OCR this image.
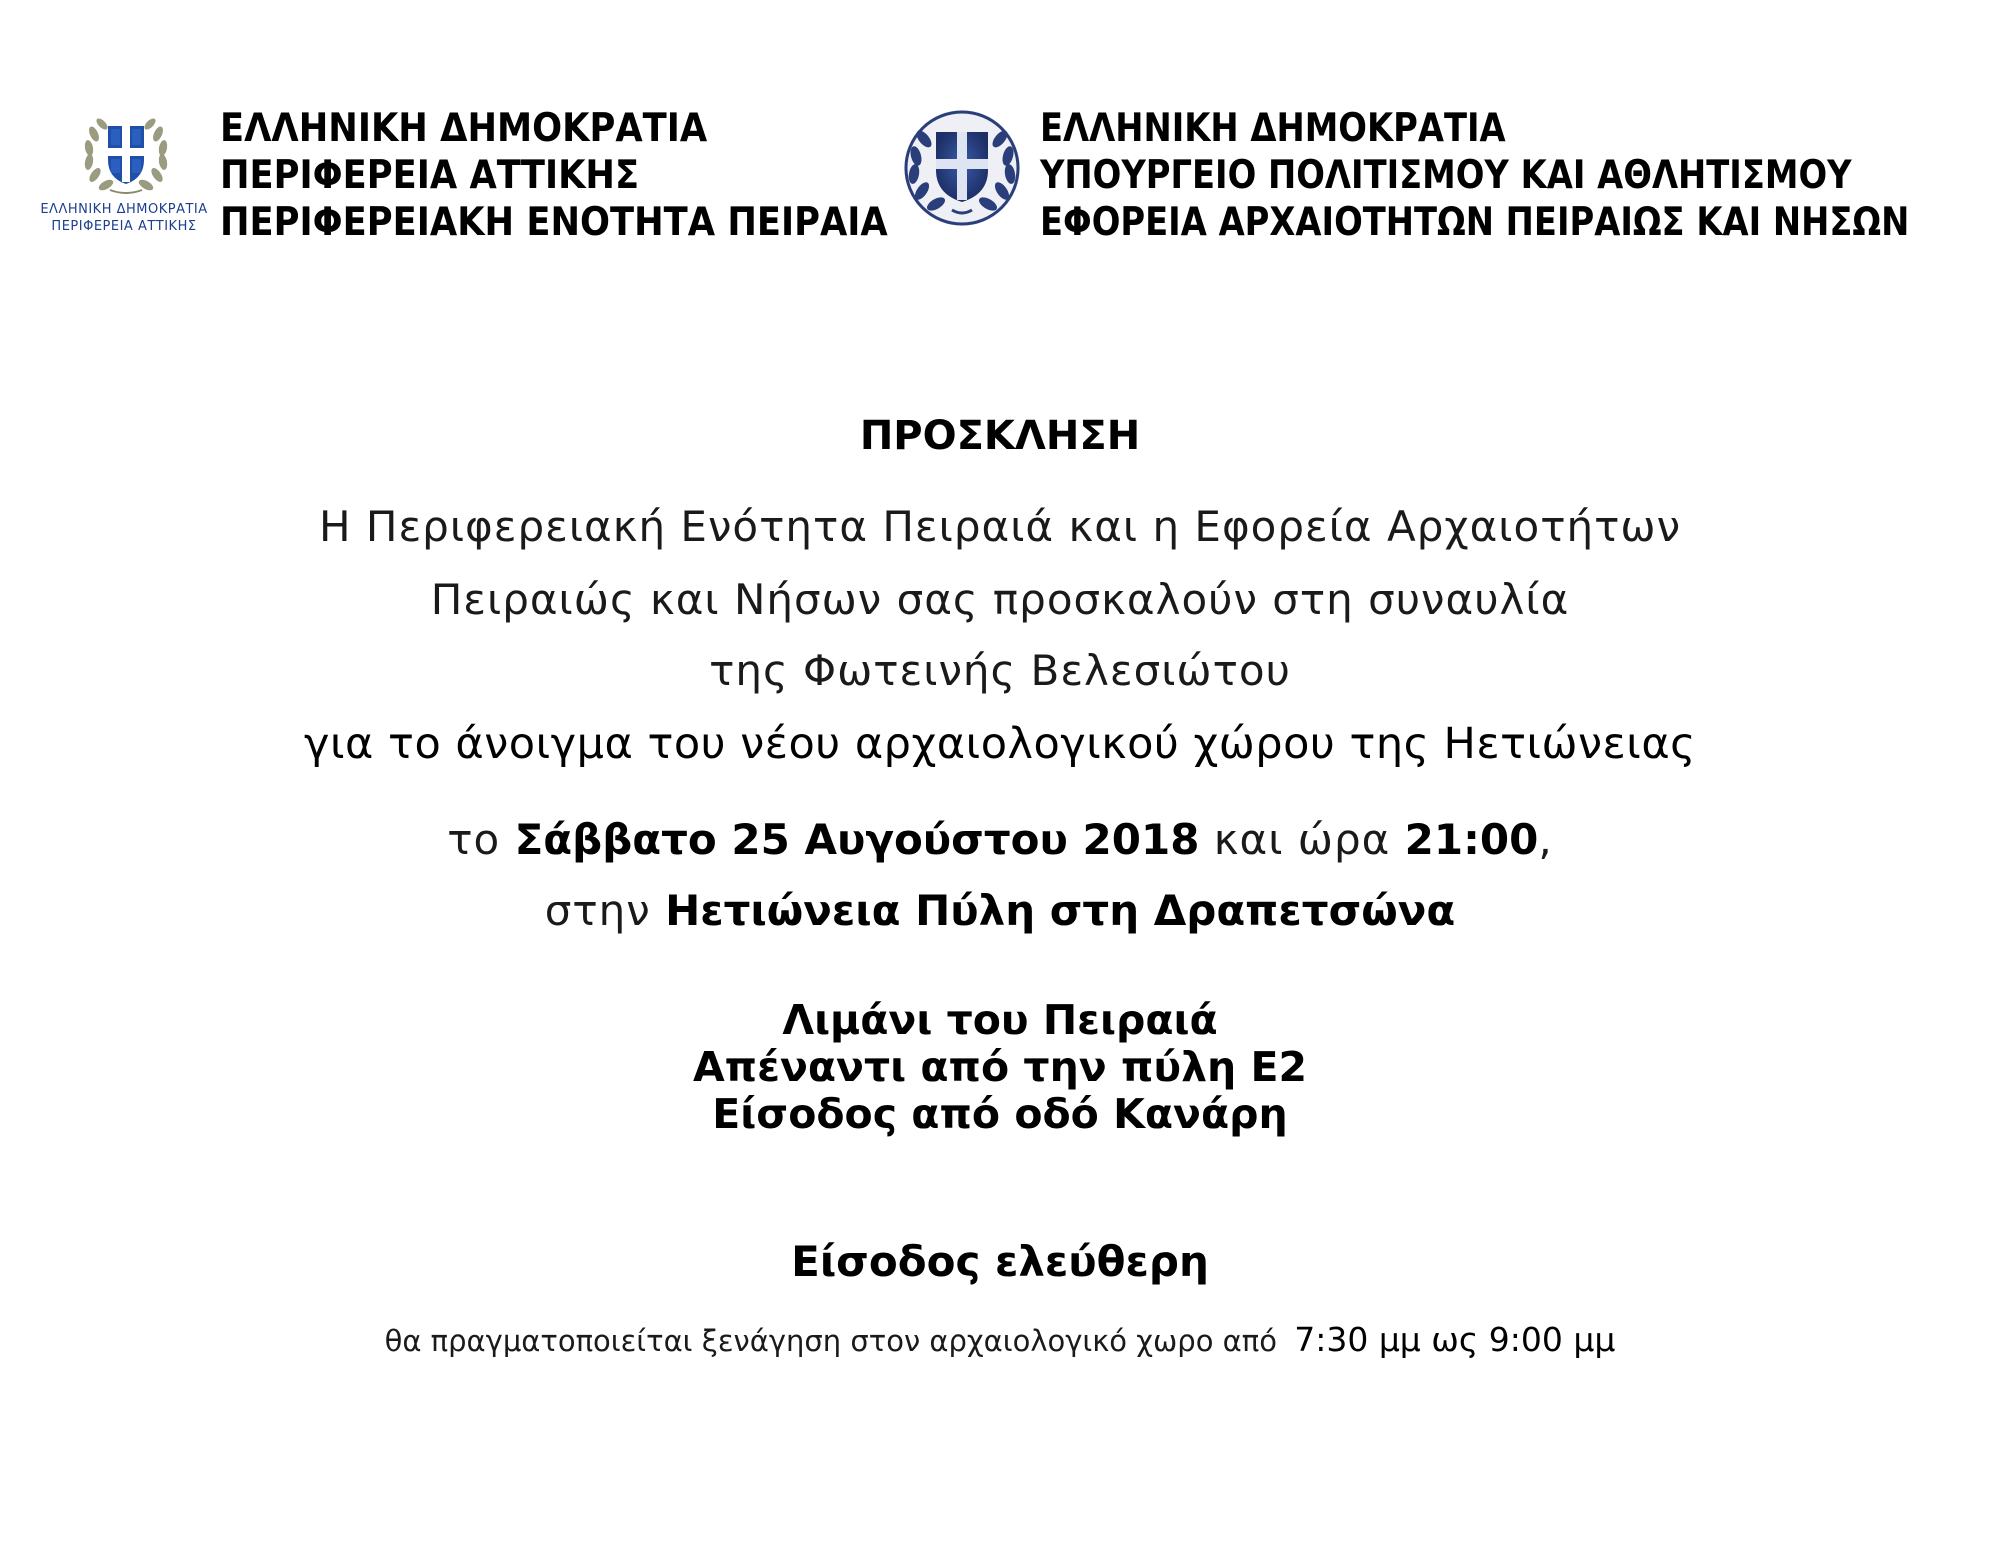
ΕΛΛΗΝΙΚΗ ΔΗΜΟΚΡΑΤΙΑ
ΠΕΡΙΦΕΡΕΙΑ ΑΤΤΙΚΗΣ
ΕΛΛΗΝΙΚΗ ΔΗΜΟΚΡΑΤΙΑ
ΠΕΡΙΦΕΡΕΙΑ ΑΤΤΙΚΗΣ
ΠΕΡΙΦΕΡΕΙΑΚΗ ΕΝΟΤΗΤΑ ΠΕΙΡΑΙΑ
ΕΛΛΗΝΙΚΗ ΔΗΜΟΚΡΑΤΙΑ
ΥΠΟΥΡΓΕΙΟ ΠΟΛΙΤΙΣΜΟΥ ΚΑΙ ΑΘΛΗΤΙΣΜΟΥ
ΕΦΟΡΕΙΑ ΑΡΧΑΙΟΤΗΤΩΝ ΠΕΙΡΑΙΩΣ ΚΑΙ ΝΗΣΩΝ
ΠΡΟΣΚΛΗΣΗ
Η Περιφερειακή Ενότητα Πειραιά και η Εφορεία Αρχαιοτήτων
Πειραιώς και Νήσων σας προσκαλούν στη συναυλία
της Φωτεινής Βελεσιώτου
για το άνοιγμα του νέου αρχαιολογικού χώρου της Ηετιώνειας
το Σάββατο 25 Αυγούστου 2018 και ώρα 21:00,
στην Ηετιώνεια Πύλη στη Δραπετσώνα
Λιμάνι του Πειραιά
Απέναντι από την πύλη Ε2
Είσοδος από οδό Κανάρη
Είσοδος ελεύθερη
θα πραγματοποιείται ξενάγηση στον αρχαιολογικό χωρο από 7:30 μμ ως 9:00 μμ
